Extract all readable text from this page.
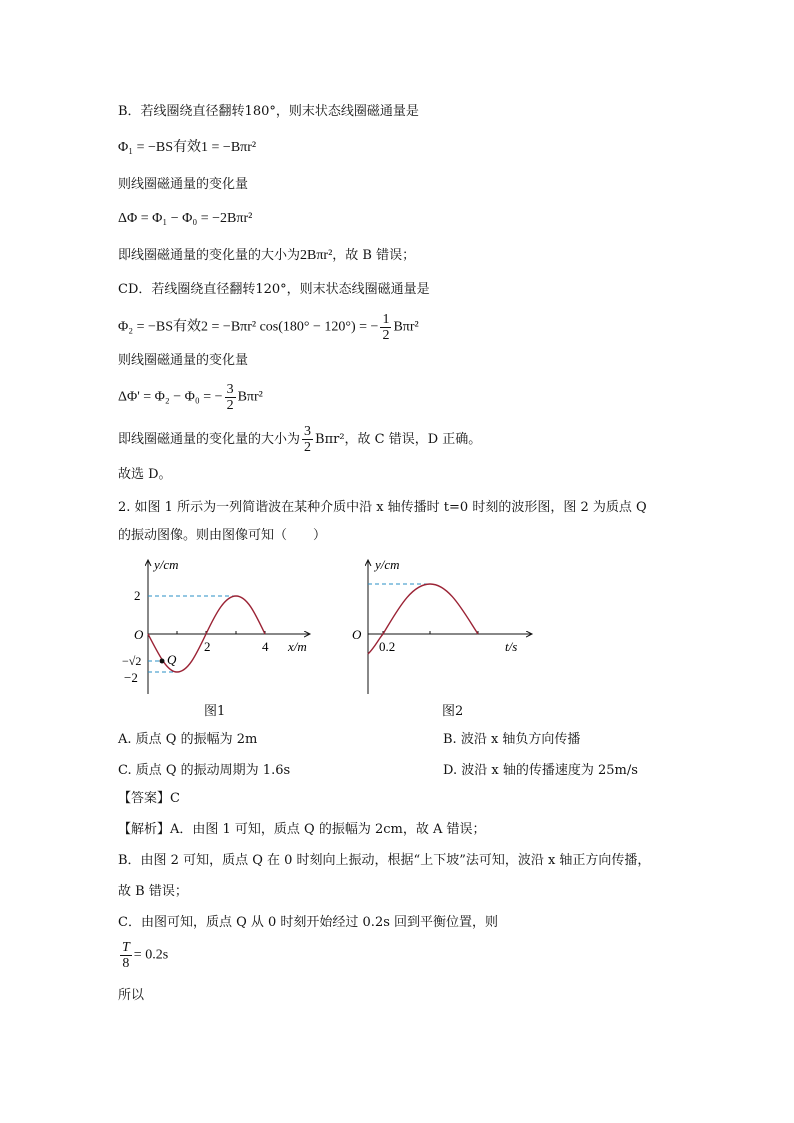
B．若线圈绕直径翻转180°，则末状态线圈磁通量是
Φ₁ = −BS有效1 = −Bπr²
则线圈磁通量的变化量
ΔΦ = Φ₁ − Φ₀ = −2Bπr²
即线圈磁通量的变化量的大小为2Bπr²，故 B 错误；
CD．若线圈绕直径翻转120°，则末状态线圈磁通量是
Φ₂ = −BS有效2 = −Bπr² cos(180° − 120°) = − $\frac{1}{2} B\pi r^2$
则线圈磁通量的变化量
ΔΦ' = Φ₂ − Φ₀ = − $\frac{3}{2} B\pi r^2$
即线圈磁通量的变化量的大小为 $\frac{3}{2} B\pi r^2$，故 C 错误，D 正确。
故选 D。
2. 如图 1 所示为一列简谐波在某种介质中沿 x 轴传播时 t=0 时刻的波形图，图 2 为质点 Q
的振动图像。则由图像可知（　　）
y/cm
x/m
O
2
−√2
−2
2	4
Q
图1
y/cm
t/s
O
0.2
图2
A. 质点 Q 的振幅为 2m	B. 波沿 x 轴负方向传播
C. 质点 Q 的振动周期为 1.6s	D. 波沿 x 轴的传播速度为 25m/s
【答案】C
【解析】A．由图 1 可知，质点 Q 的振幅为 2cm，故 A 错误；
B．由图 2 可知，质点 Q 在 0 时刻向上振动，根据“上下坡”法可知，波沿 x 轴正方向传播，
故 B 错误；
C．由图可知，质点 Q 从 0 时刻开始经过 0.2s 回到平衡位置，则
$\frac{T}{8} = 0.2s$
所以
